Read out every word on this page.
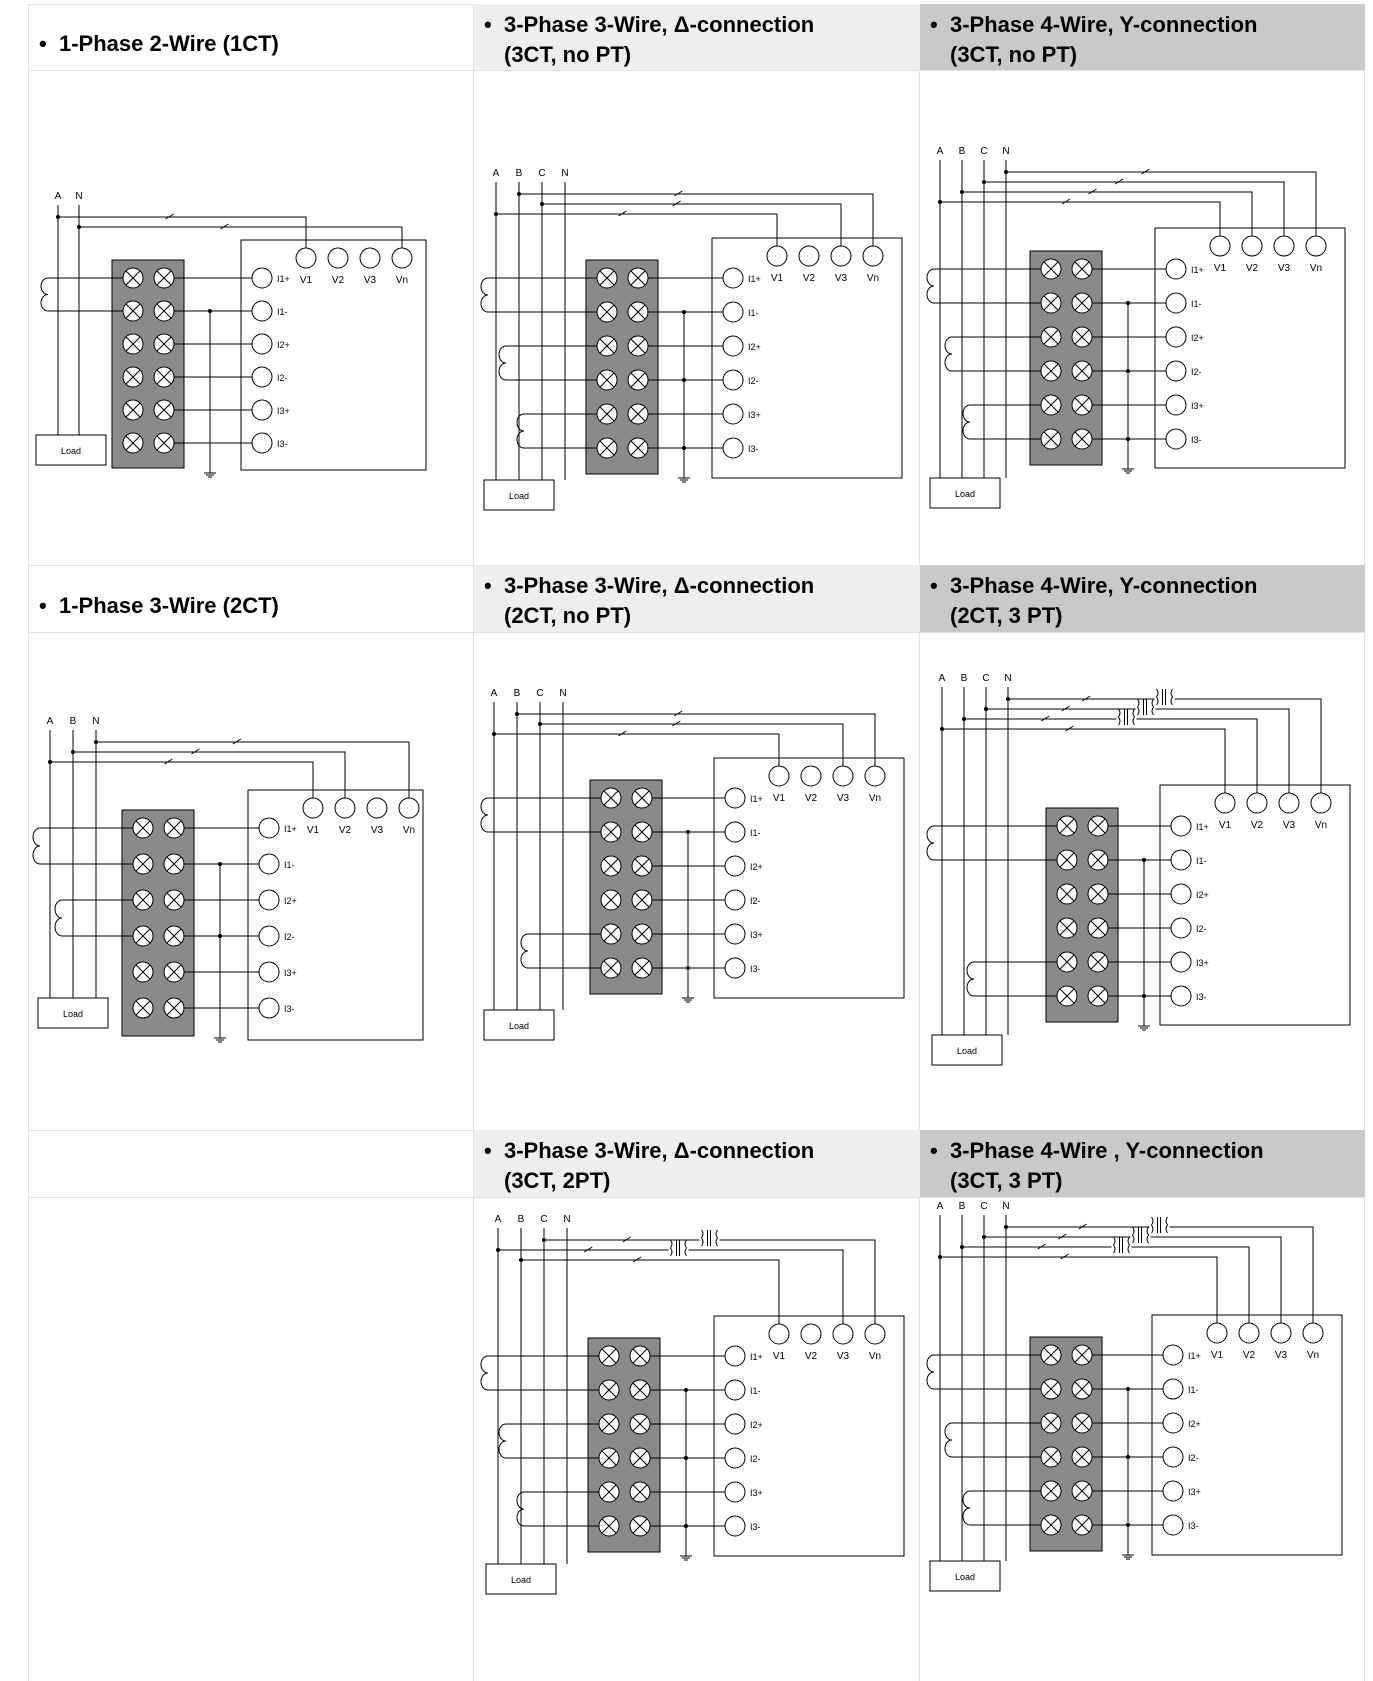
• 1-Phase 2-Wire (1CT)
• 3-Phase 3-Wire, Δ-connection
(3CT, no PT)
• 3-Phase 4-Wire, Y-connection
(3CT, no PT)
• 1-Phase 3-Wire (2CT)
• 3-Phase 3-Wire, Δ-connection
(2CT, no PT)
• 3-Phase 4-Wire, Y-connection
(2CT, 3 PT)
• 3-Phase 3-Wire, Δ-connection
(3CT, 2PT)
• 3-Phase 4-Wire , Y-connection
(3CT, 3 PT)
A N
V1 V2 V3 Vn
I1+
I1-
I2+
I2-
I3+
I3-
Load
A B C N
V1 V2 V3 Vn
I1+
I1-
I2+
I2-
I3+
I3-
Load
A B C N
V1 V2 V3 Vn
I1+
I1-
I2+
I2-
I3+
I3-
Load
A B N
V1 V2 V3 Vn
I1+
I1-
I2+
I2-
I3+
I3-
Load
A B C N
V1 V2 V3 Vn
I1+
I1-
I2+
I2-
I3+
I3-
Load
A B C N
V1 V2 V3 Vn
I1+
I1-
I2+
I2-
I3+
I3-
Load
A B C N
V1 V2 V3 Vn
I1+
I1-
I2+
I2-
I3+
I3-
Load
A B C N
V1 V2 V3 Vn
I1+
I1-
I2+
I2-
I3+
I3-
Load
